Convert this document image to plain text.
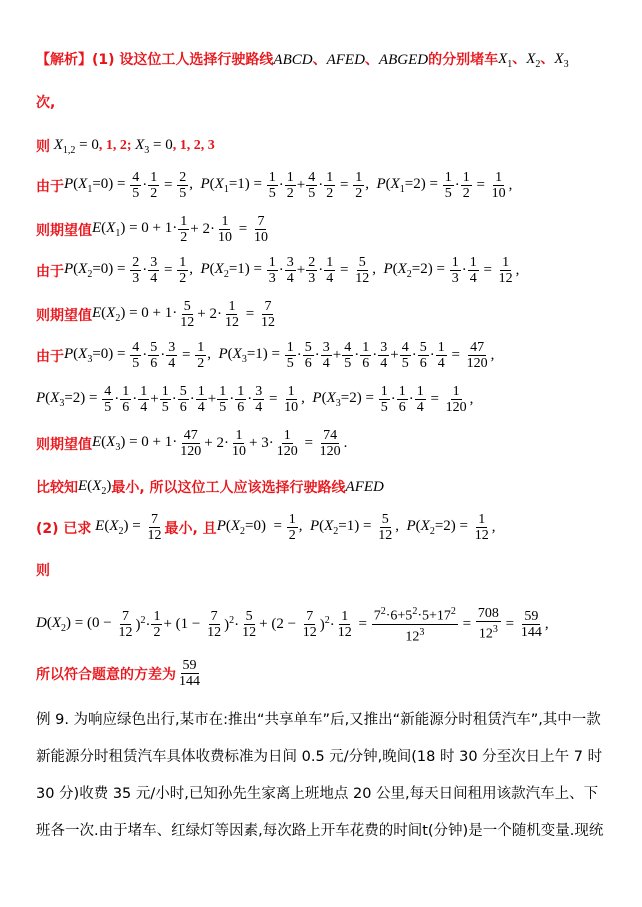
【解析】(1) 设这位工人选择行驶路线 ABCD、AFED、ABGED 的分别堵车 $X_1$、$X_2$、$X_3$
次,
则 $X_{1,2} = 0$, 1, 2; $X_3 = 0$, 1, 2, 3
由于 $P(X_1=0) = \frac{4}{5} \cdot \frac{1}{2} = \frac{2}{5}$ ,  $P(X_1=1) = \frac{1}{5} \cdot \frac{1}{2} + \frac{4}{5} \cdot \frac{1}{2} = \frac{1}{2}$ ,  $P(X_1=2) = \frac{1}{5} \cdot \frac{1}{2} = \frac{1}{10}$ ,
则期望值 $E(X_1) = 0 + 1\cdot \frac{1}{2} + 2\cdot \frac{1}{10} = \frac{7}{10}$
由于 $P(X_2=0) = \frac{2}{3} \cdot \frac{3}{4} = \frac{1}{2}$ ,  $P(X_2=1) = \frac{1}{3} \cdot \frac{3}{4} + \frac{2}{3} \cdot \frac{1}{4} = \frac{5}{12}$ ,  $P(X_2=2) = \frac{1}{3} \cdot \frac{1}{4} = \frac{1}{12}$ ,
则期望值 $E(X_2) = 0 + 1\cdot \frac{5}{12} + 2\cdot \frac{1}{12} = \frac{7}{12}$
由于 $P(X_3=0) = \frac{4}{5} \cdot \frac{5}{6} \cdot \frac{3}{4} = \frac{1}{2}$ ,  $P(X_3=1) = \frac{1}{5} \cdot \frac{5}{6} \cdot \frac{3}{4} + \frac{4}{5} \cdot \frac{1}{6} \cdot \frac{3}{4} + \frac{4}{5} \cdot \frac{5}{6} \cdot \frac{1}{4} = \frac{47}{120}$ ,
$P(X_3=2) = \frac{4}{5} \cdot \frac{1}{6} \cdot \frac{1}{4} + \frac{1}{5} \cdot \frac{5}{6} \cdot \frac{1}{4} + \frac{1}{5} \cdot \frac{1}{6} \cdot \frac{3}{4} = \frac{1}{10}$ ,  $P(X_3=2) = \frac{1}{5} \cdot \frac{1}{6} \cdot \frac{1}{4} = \frac{1}{120}$ ,
则期望值 $E(X_3) = 0 + 1\cdot \frac{47}{120} + 2\cdot \frac{1}{10} + 3\cdot \frac{1}{120} = \frac{74}{120}$ .
比较知 $E(X_2)$ 最小, 所以这位工人应该选择行驶路线 AFED
(2) 已求 $E(X_2) = \frac{7}{12}$ 最小, 且 $P(X_2=0) = \frac{1}{2}$ ,  $P(X_2=1) = \frac{5}{12}$ ,  $P(X_2=2) = \frac{1}{12}$ ,
则
$D(X_2) = (0 - \frac{7}{12} )^2\cdot \frac{1}{2} + (1 - \frac{7}{12} )^2\cdot \frac{5}{12} + (2 - \frac{7}{12} )^2\cdot \frac{1}{12} = \frac{7^2\cdot 6+5^2\cdot 5+17^2}{12^3} = \frac{708}{12^3} = \frac{59}{144}$ ,
所以符合题意的方差为 $\frac{59}{144}$
例 9. 为响应绿色出行,某市在:推出“共享单车”后,又推出“新能源分时租赁汽车”,其中一款新能源分时租赁汽车具体收费标准为日间 0.5 元/分钟,晚间(18 时 30 分至次日上午 7 时 30 分)收费 35 元/小时,已知孙先生家离上班地点 20 公里,每天日间租用该款汽车上、下班各一次.由于堵车、红绿灯等因素,每次路上开车花费的时间t(分钟)是一个随机变量.现统
